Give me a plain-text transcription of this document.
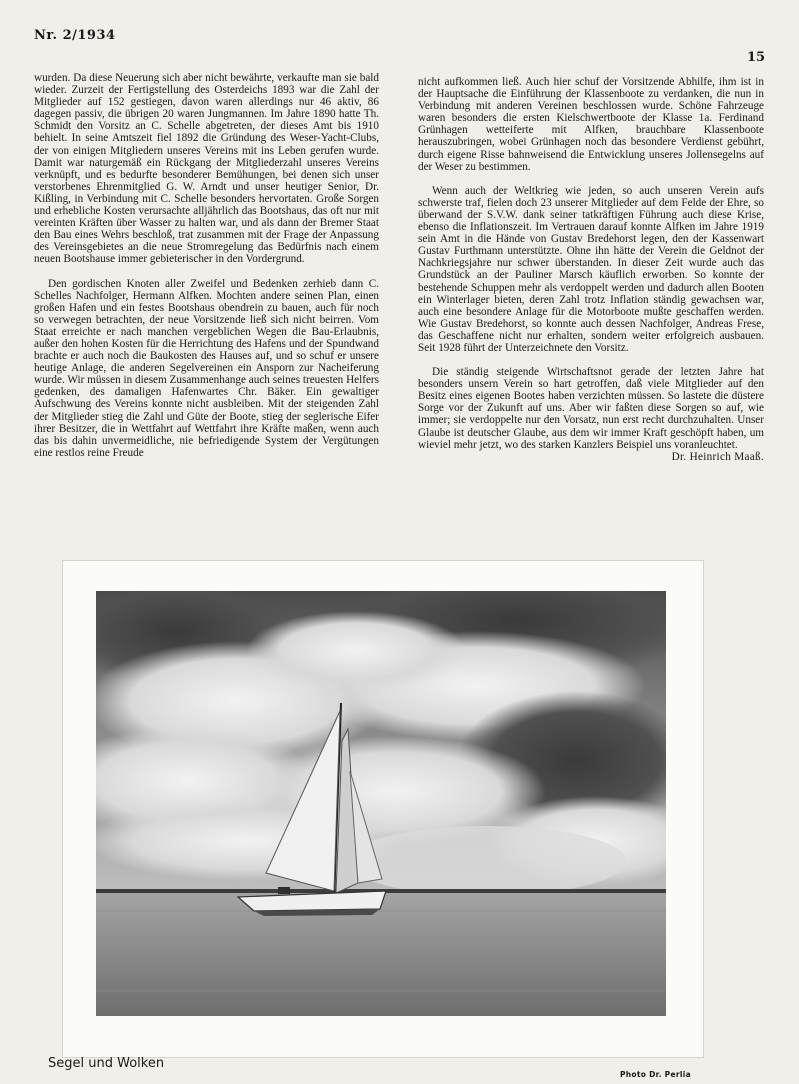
Nr. 2/1934
15

wurden. Da diese Neuerung sich aber nicht bewährte, verkaufte man sie bald wieder. Zurzeit der Fertigstellung des Osterdeichs 1893 war die Zahl der Mitglieder auf 152 gestiegen, davon waren allerdings nur 46 aktiv, 86 dagegen passiv, die übrigen 20 waren Jungmannen. Im Jahre 1890 hatte Th. Schmidt den Vorsitz an C. Schelle abgetreten, der dieses Amt bis 1910 behielt. In seine Amtszeit fiel 1892 die Gründung des Weser-Yacht-Clubs, der von einigen Mitgliedern unseres Vereins mit ins Leben gerufen wurde. Damit war naturgemäß ein Rückgang der Mitgliederzahl unseres Vereins verknüpft, und es bedurfte besonderer Bemühungen, bei denen sich unser verstorbenes Ehrenmitglied G. W. Arndt und unser heutiger Senior, Dr. Kißling, in Verbindung mit C. Schelle besonders hervortaten. Große Sorgen und erhebliche Kosten verursachte alljährlich das Bootshaus, das oft nur mit vereinten Kräften über Wasser zu halten war, und als dann der Bremer Staat den Bau eines Wehrs beschloß, trat zusammen mit der Frage der Anpassung des Vereinsgebietes an die neue Stromregelung das Bedürfnis nach einem neuen Bootshause immer gebieterischer in den Vordergrund.

Den gordischen Knoten aller Zweifel und Bedenken zerhieb dann C. Schelles Nachfolger, Hermann Alfken. Mochten andere seinen Plan, einen großen Hafen und ein festes Bootshaus obendrein zu bauen, auch für noch so verwegen betrachten, der neue Vorsitzende ließ sich nicht beirren. Vom Staat erreichte er nach manchen vergeblichen Wegen die Bau-Erlaubnis, außer den hohen Kosten für die Herrichtung des Hafens und der Spundwand brachte er auch noch die Baukosten des Hauses auf, und so schuf er unsere heutige Anlage, die anderen Segelvereinen ein Ansporn zur Nacheiferung wurde. Wir müssen in diesem Zusammenhange auch seines treuesten Helfers gedenken, des damaligen Hafenwartes Chr. Bäker. Ein gewaltiger Aufschwung des Vereins konnte nicht ausbleiben. Mit der steigenden Zahl der Mitglieder stieg die Zahl und Güte der Boote, stieg der seglerische Eifer ihrer Besitzer, die in Wettfahrt auf Wettfahrt ihre Kräfte maßen, wenn auch das bis dahin unvermeidliche, nie befriedigende System der Vergütungen eine restlos reine Freude

nicht aufkommen ließ. Auch hier schuf der Vorsitzende Abhilfe, ihm ist in der Hauptsache die Einführung der Klassenboote zu verdanken, die nun in Verbindung mit anderen Vereinen beschlossen wurde. Schöne Fahrzeuge waren besonders die ersten Kielschwertboote der Klasse 1a. Ferdinand Grünhagen wetteiferte mit Alfken, brauchbare Klassenboote herauszubringen, wobei Grünhagen noch das besondere Verdienst gebührt, durch eigene Risse bahnweisend die Entwicklung unseres Jollensegelns auf der Weser zu bestimmen.

Wenn auch der Weltkrieg wie jeden, so auch unseren Verein aufs schwerste traf, fielen doch 23 unserer Mitglieder auf dem Felde der Ehre, so überwand der S.V.W. dank seiner tatkräftigen Führung auch diese Krise, ebenso die Inflationszeit. Im Vertrauen darauf konnte Alfken im Jahre 1919 sein Amt in die Hände von Gustav Bredehorst legen, den der Kassenwart Gustav Furthmann unterstützte. Ohne ihn hätte der Verein die Geldnot der Nachkriegsjahre nur schwer überstanden. In dieser Zeit wurde auch das Grundstück an der Pauliner Marsch käuflich erworben. So konnte der bestehende Schuppen mehr als verdoppelt werden und dadurch allen Booten ein Winterlager bieten, deren Zahl trotz Inflation ständig gewachsen war, auch eine besondere Anlage für die Motorboote mußte geschaffen werden. Wie Gustav Bredehorst, so konnte auch dessen Nachfolger, Andreas Frese, das Geschaffene nicht nur erhalten, sondern weiter erfolgreich ausbauen. Seit 1928 führt der Unterzeichnete den Vorsitz.

Die ständig steigende Wirtschaftsnot gerade der letzten Jahre hat besonders unsern Verein so hart getroffen, daß viele Mitglieder auf den Besitz eines eigenen Bootes haben verzichten müssen. So lastete die düstere Sorge vor der Zukunft auf uns. Aber wir faßten diese Sorgen so auf, wie immer; sie verdoppelte nur den Vorsatz, nun erst recht durchzuhalten. Unser Glaube ist deutscher Glaube, aus dem wir immer Kraft geschöpft haben, um wieviel mehr jetzt, wo des starken Kanzlers Beispiel uns voranleuchtet.

Dr. Heinrich Maaß.
Segel und Wolken
Photo Dr. Perlia
